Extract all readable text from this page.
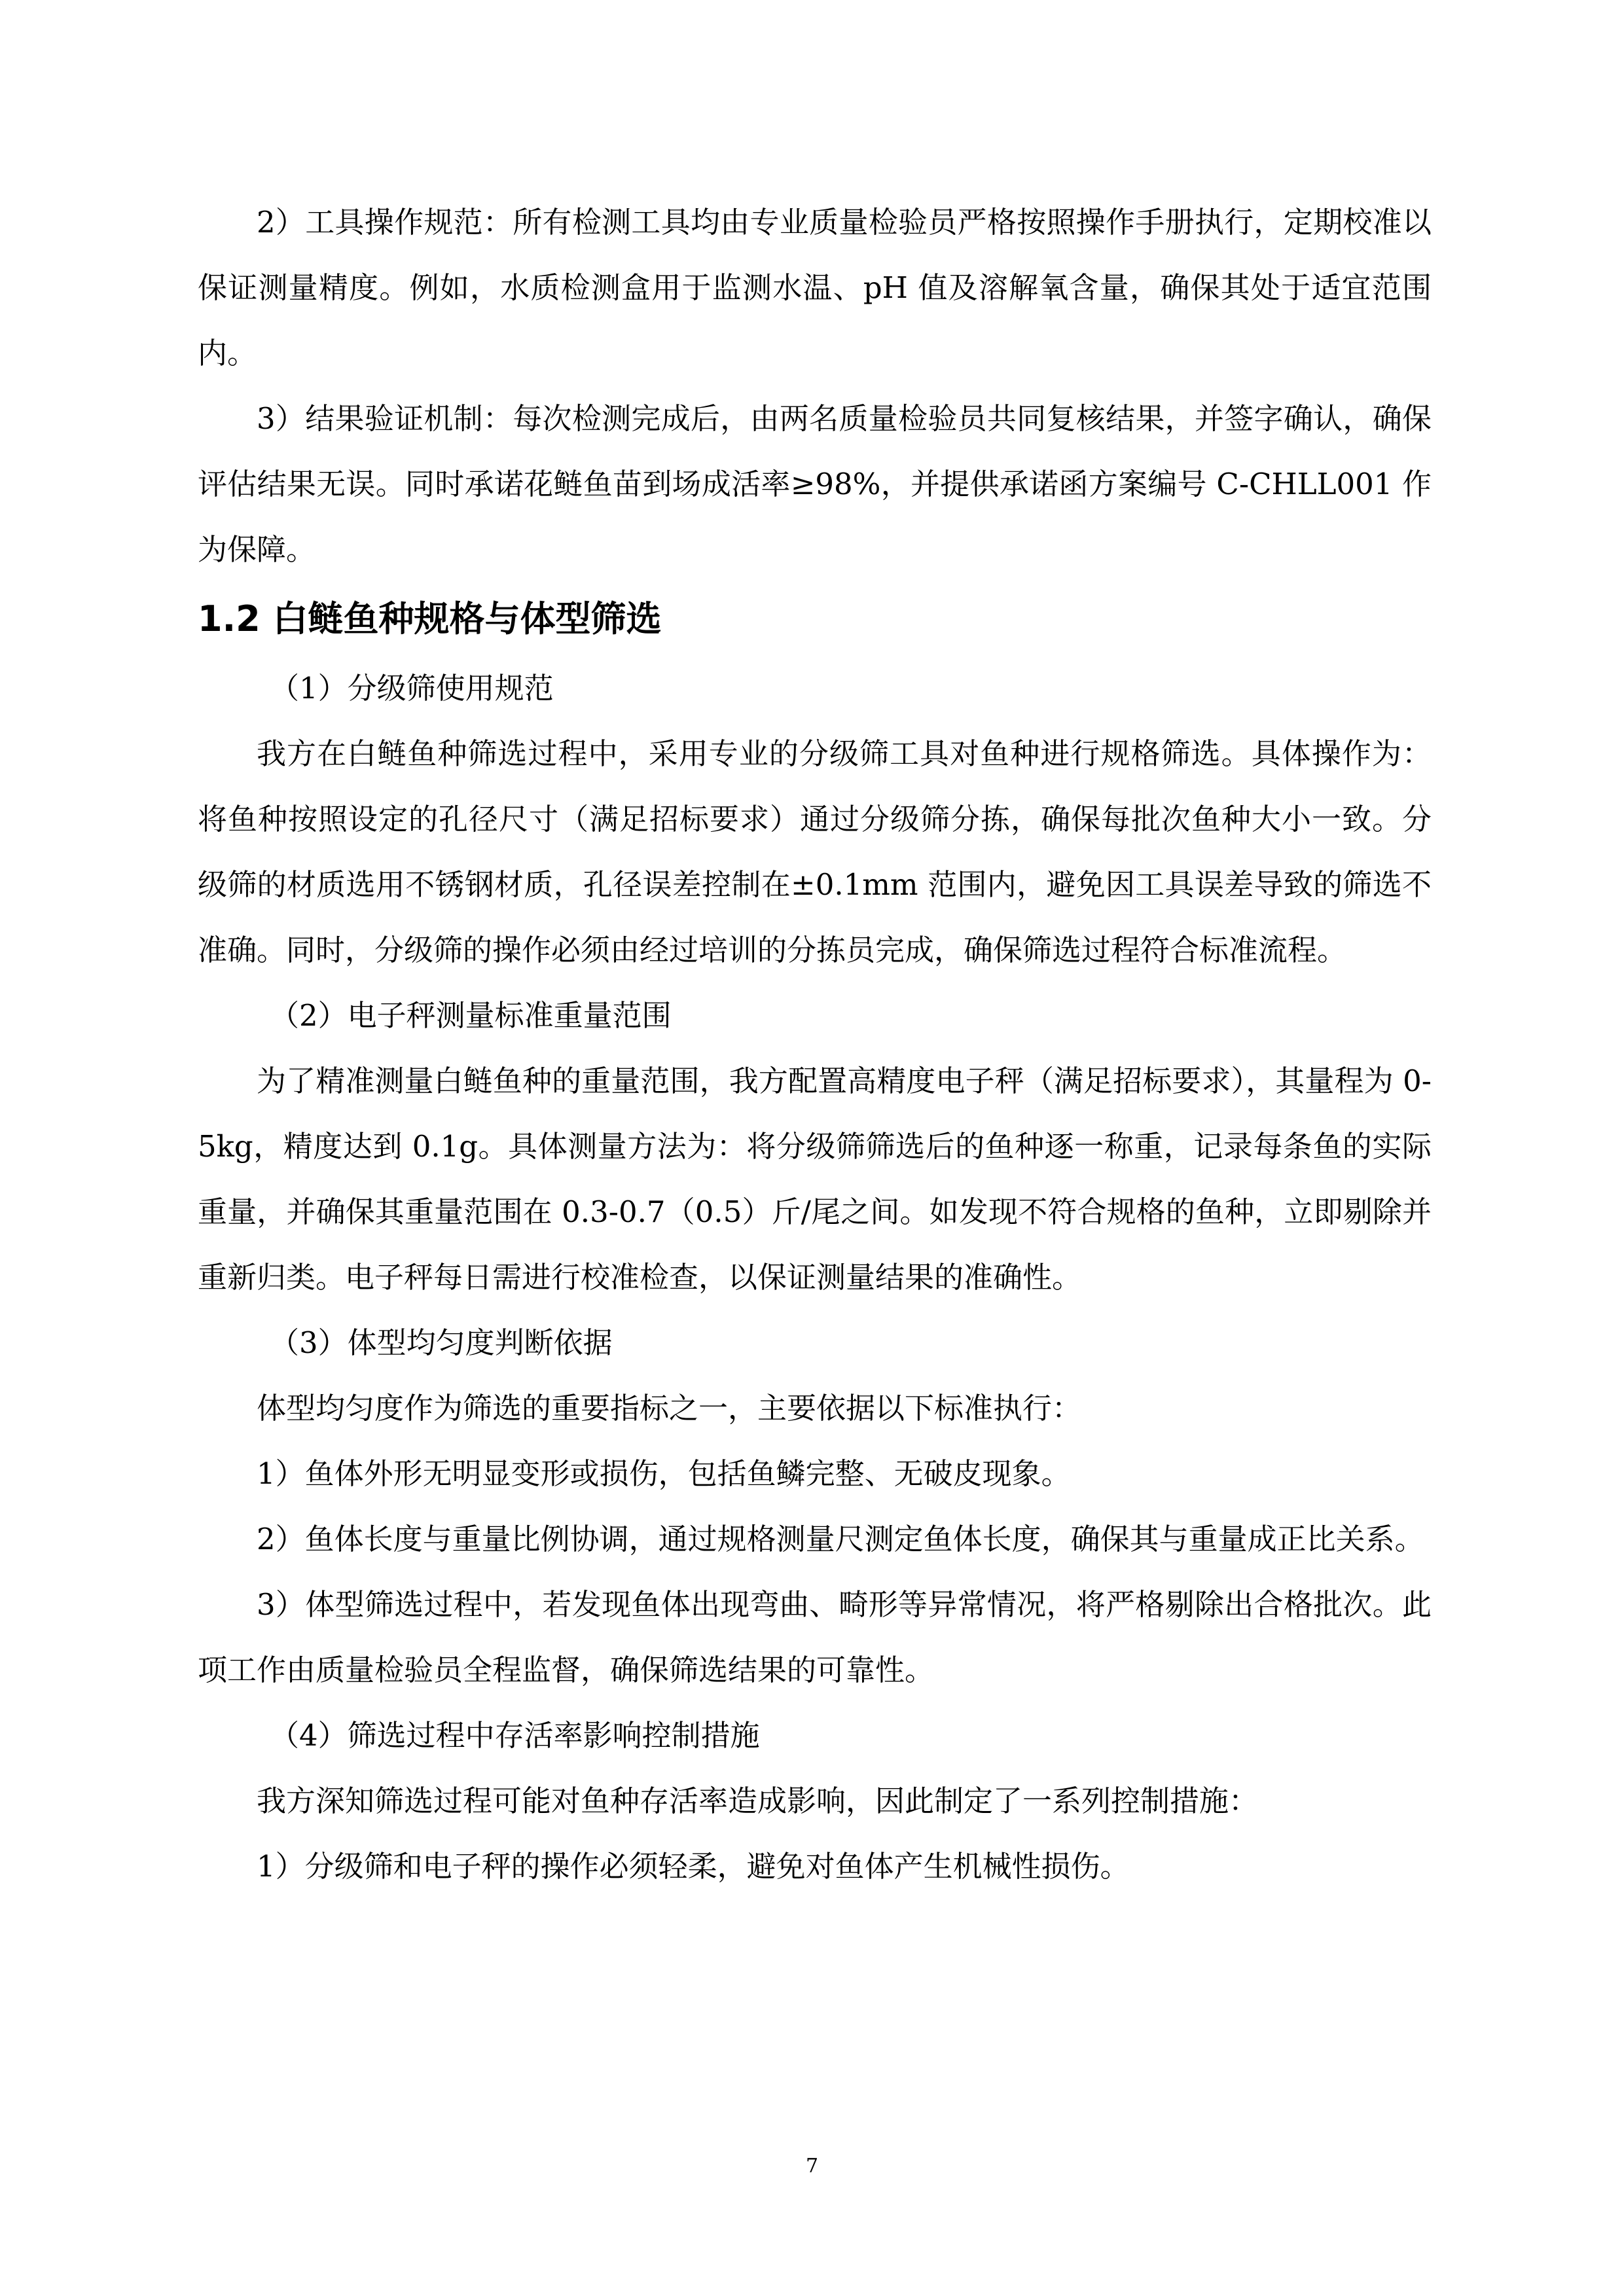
2）工具操作规范：所有检测工具均由专业质量检验员严格按照操作手册执行，定期校准以保证测量精度。例如，水质检测盒用于监测水温、pH 值及溶解氧含量，确保其处于适宜范围内。

3）结果验证机制：每次检测完成后，由两名质量检验员共同复核结果，并签字确认，确保评估结果无误。同时承诺花鲢鱼苗到场成活率≥98%，并提供承诺函方案编号 C-CHLL001 作为保障。

1.2 白鲢鱼种规格与体型筛选

（1）分级筛使用规范

我方在白鲢鱼种筛选过程中，采用专业的分级筛工具对鱼种进行规格筛选。具体操作为：将鱼种按照设定的孔径尺寸（满足招标要求）通过分级筛分拣，确保每批次鱼种大小一致。分级筛的材质选用不锈钢材质，孔径误差控制在±0.1mm 范围内，避免因工具误差导致的筛选不准确。同时，分级筛的操作必须由经过培训的分拣员完成，确保筛选过程符合标准流程。

（2）电子秤测量标准重量范围

为了精准测量白鲢鱼种的重量范围，我方配置高精度电子秤（满足招标要求），其量程为 0-5kg，精度达到 0.1g。具体测量方法为：将分级筛筛选后的鱼种逐一称重，记录每条鱼的实际重量，并确保其重量范围在 0.3-0.7（0.5）斤/尾之间。如发现不符合规格的鱼种，立即剔除并重新归类。电子秤每日需进行校准检查，以保证测量结果的准确性。

（3）体型均匀度判断依据

体型均匀度作为筛选的重要指标之一，主要依据以下标准执行：

1）鱼体外形无明显变形或损伤，包括鱼鳞完整、无破皮现象。

2）鱼体长度与重量比例协调，通过规格测量尺测定鱼体长度，确保其与重量成正比关系。

3）体型筛选过程中，若发现鱼体出现弯曲、畸形等异常情况，将严格剔除出合格批次。此项工作由质量检验员全程监督，确保筛选结果的可靠性。

（4）筛选过程中存活率影响控制措施

我方深知筛选过程可能对鱼种存活率造成影响，因此制定了一系列控制措施：

1）分级筛和电子秤的操作必须轻柔，避免对鱼体产生机械性损伤。

7
